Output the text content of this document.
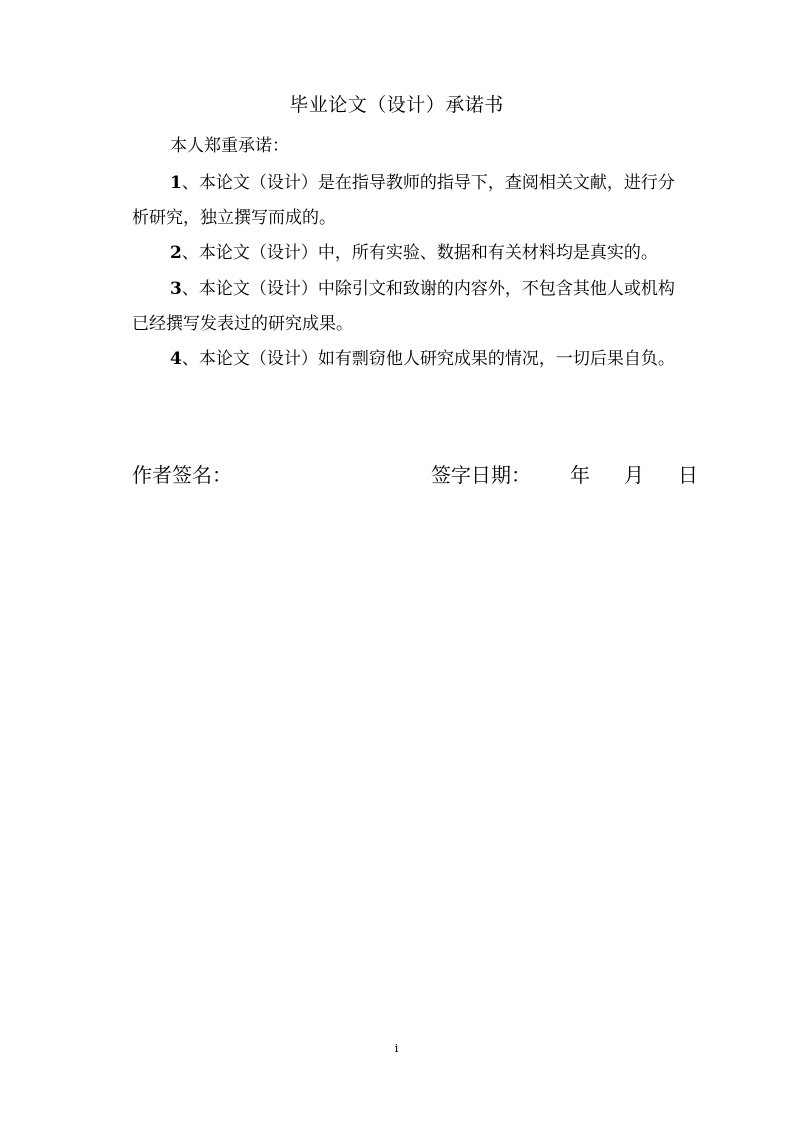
毕业论文（设计）承诺书
本人郑重承诺：
1、本论文（设计）是在指导教师的指导下，查阅相关文献，进行分
析研究，独立撰写而成的。
2、本论文（设计）中，所有实验、数据和有关材料均是真实的。
3、本论文（设计）中除引文和致谢的内容外，不包含其他人或机构
已经撰写发表过的研究成果。
4、本论文（设计）如有剽窃他人研究成果的情况，一切后果自负。
作者签名：	签字日期： 年 月 日
i
